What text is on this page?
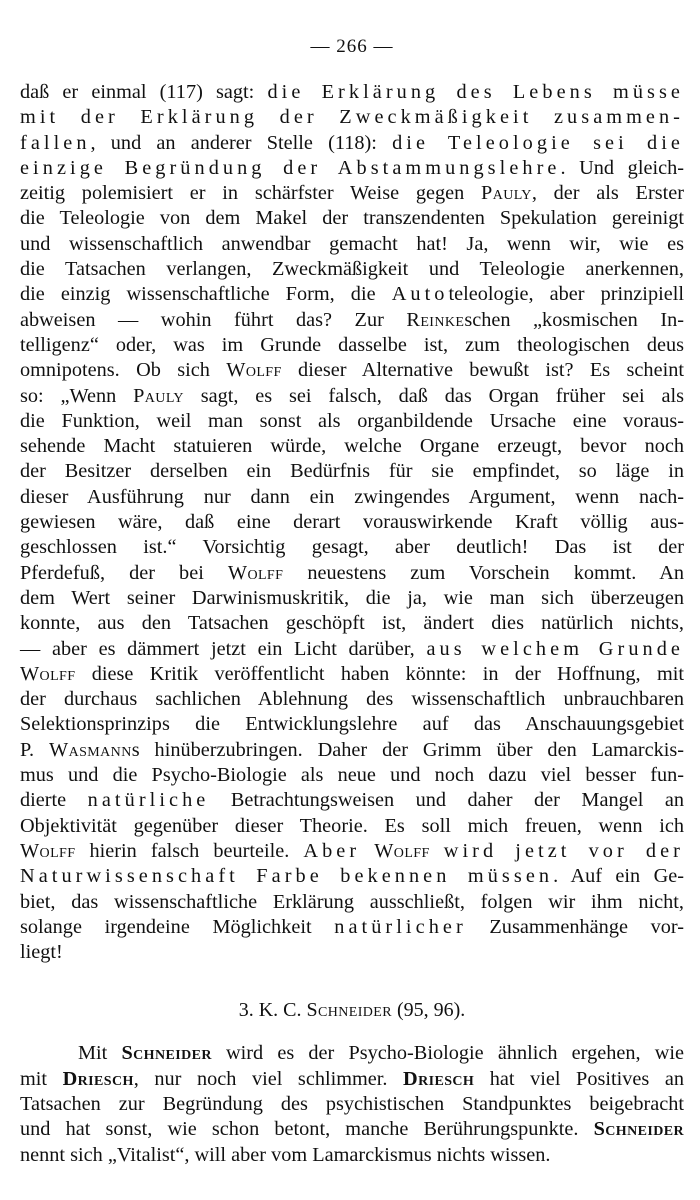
— 266 —
daß er einmal (117) sagt: die Erklärung des Lebens müsse
mit der Erklärung der Zweckmäßigkeit zusammen-
fallen, und an anderer Stelle (118): die Teleologie sei die
einzige Begründung der Abstammungslehre. Und gleich-
zeitig polemisiert er in schärfster Weise gegen Pauly, der als Erster
die Teleologie von dem Makel der transzendenten Spekulation gereinigt
und wissenschaftlich anwendbar gemacht hat! Ja, wenn wir, wie es
die Tatsachen verlangen, Zweckmäßigkeit und Teleologie anerkennen,
die einzig wissenschaftliche Form, die Autoteleologie, aber prinzipiell
abweisen — wohin führt das? Zur Reinkeschen „kosmischen In-
telligenz“ oder, was im Grunde dasselbe ist, zum theologischen deus
omnipotens. Ob sich Wolff dieser Alternative bewußt ist? Es scheint
so: „Wenn Pauly sagt, es sei falsch, daß das Organ früher sei als
die Funktion, weil man sonst als organbildende Ursache eine voraus-
sehende Macht statuieren würde, welche Organe erzeugt, bevor noch
der Besitzer derselben ein Bedürfnis für sie empfindet, so läge in
dieser Ausführung nur dann ein zwingendes Argument, wenn nach-
gewiesen wäre, daß eine derart vorauswirkende Kraft völlig aus-
geschlossen ist.“ Vorsichtig gesagt, aber deutlich! Das ist der
Pferdefuß, der bei Wolff neuestens zum Vorschein kommt. An
dem Wert seiner Darwinismuskritik, die ja, wie man sich überzeugen
konnte, aus den Tatsachen geschöpft ist, ändert dies natürlich nichts,
— aber es dämmert jetzt ein Licht darüber, aus welchem Grunde
Wolff diese Kritik veröffentlicht haben könnte: in der Hoffnung, mit
der durchaus sachlichen Ablehnung des wissenschaftlich unbrauchbaren
Selektionsprinzips die Entwicklungslehre auf das Anschauungsgebiet
P. Wasmanns hinüberzubringen. Daher der Grimm über den Lamarckis-
mus und die Psycho-Biologie als neue und noch dazu viel besser fun-
dierte natürliche Betrachtungsweisen und daher der Mangel an
Objektivität gegenüber dieser Theorie. Es soll mich freuen, wenn ich
Wolff hierin falsch beurteile. Aber Wolff wird jetzt vor der
Naturwissenschaft Farbe bekennen müssen. Auf ein Ge-
biet, das wissenschaftliche Erklärung ausschließt, folgen wir ihm nicht,
solange irgendeine Möglichkeit natürlicher Zusammenhänge vor-
liegt!
3. K. C. Schneider (95, 96).
Mit Schneider wird es der Psycho-Biologie ähnlich ergehen, wie
mit Driesch, nur noch viel schlimmer. Driesch hat viel Positives an
Tatsachen zur Begründung des psychistischen Standpunktes beigebracht
und hat sonst, wie schon betont, manche Berührungspunkte. Schneider
nennt sich „Vitalist“, will aber vom Lamarckismus nichts wissen.
